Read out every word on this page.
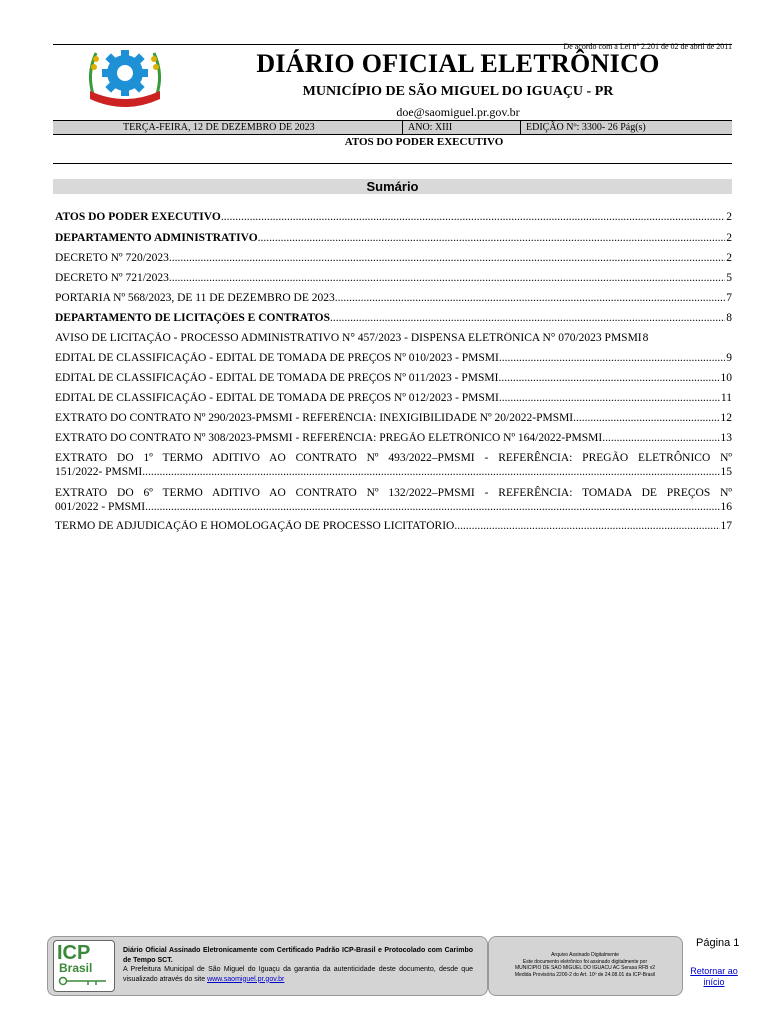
De acordo com a Lei nº 2.201 de 02 de abril de 2011
DIÁRIO OFICIAL ELETRÔNICO
MUNICÍPIO DE SÃO MIGUEL DO IGUAÇU - PR
doe@saomiguel.pr.gov.br
TERÇA-FEIRA, 12 DE DEZEMBRO DE 2023	ANO: XIII	EDIÇÃO Nº: 3300- 26 Pág(s)
ATOS DO PODER EXECUTIVO
Sumário
ATOS DO PODER EXECUTIVO .....	2
DEPARTAMENTO ADMINISTRATIVO .....	2
DECRETO Nº 720/2023 .....	2
DECRETO Nº 721/2023 .....	5
PORTARIA Nº 568/2023, DE 11 DE DEZEMBRO DE 2023 .....	7
DEPARTAMENTO DE LICITAÇÕES E CONTRATOS .....	8
AVISO DE LICITAÇÃO - PROCESSO ADMINISTRATIVO N° 457/2023 - DISPENSA ELETRÔNICA N° 070/2023 PMSMI 8
EDITAL DE CLASSIFICAÇÃO - EDITAL DE TOMADA DE PREÇOS Nº 010/2023 - PMSMI .....	9
EDITAL DE CLASSIFICAÇÃO - EDITAL DE TOMADA DE PREÇOS Nº 011/2023 - PMSMI .....	10
EDITAL DE CLASSIFICAÇÃO - EDITAL DE TOMADA DE PREÇOS Nº 012/2023 - PMSMI. .....	11
EXTRATO DO CONTRATO Nº 290/2023-PMSMI - REFERÊNCIA: INEXIGIBILIDADE Nº 20/2022-PMSMI. .....	12
EXTRATO DO CONTRATO Nº 308/2023-PMSMI - REFERÊNCIA: PREGÃO ELETRÔNICO Nº 164/2022-PMSMI. .....	13
EXTRATO DO 1º TERMO ADITIVO AO CONTRATO Nº 493/2022–PMSMI - REFERÊNCIA: PREGÃO ELETRÔNICO Nº
151/2022- PMSMI. .....	15
EXTRATO DO 6º TERMO ADITIVO AO CONTRATO Nº 132/2022–PMSMI - REFERÊNCIA: TOMADA DE PREÇOS Nº
001/2022 - PMSMI. .....	16
TERMO DE ADJUDICAÇÃO E HOMOLOGAÇÃO DE PROCESSO LICITATÓRIO .....	17
ICP
Brasil
Diário Oficial Assinado Eletronicamente com Certificado Padrão ICP-Brasil e Protocolado com Carimbo de Tempo SCT.
A Prefeitura Municipal de São Miguel do Iguaçu da garantia da autenticidade deste documento, desde que visualizado através do site www.saomiguel.pr.gov.br
Arquivo Assinado Digitalmente
Este documento eletrônico foi assinado digitalmente por
MUNICIPIO DE SAO MIGUEL DO IGUACU AC Serasa RFB v2
Medida Provisória 2200-2 do Art. 10º de 24.08.01 da ICP-Brasil
Página 1
Retornar ao início
